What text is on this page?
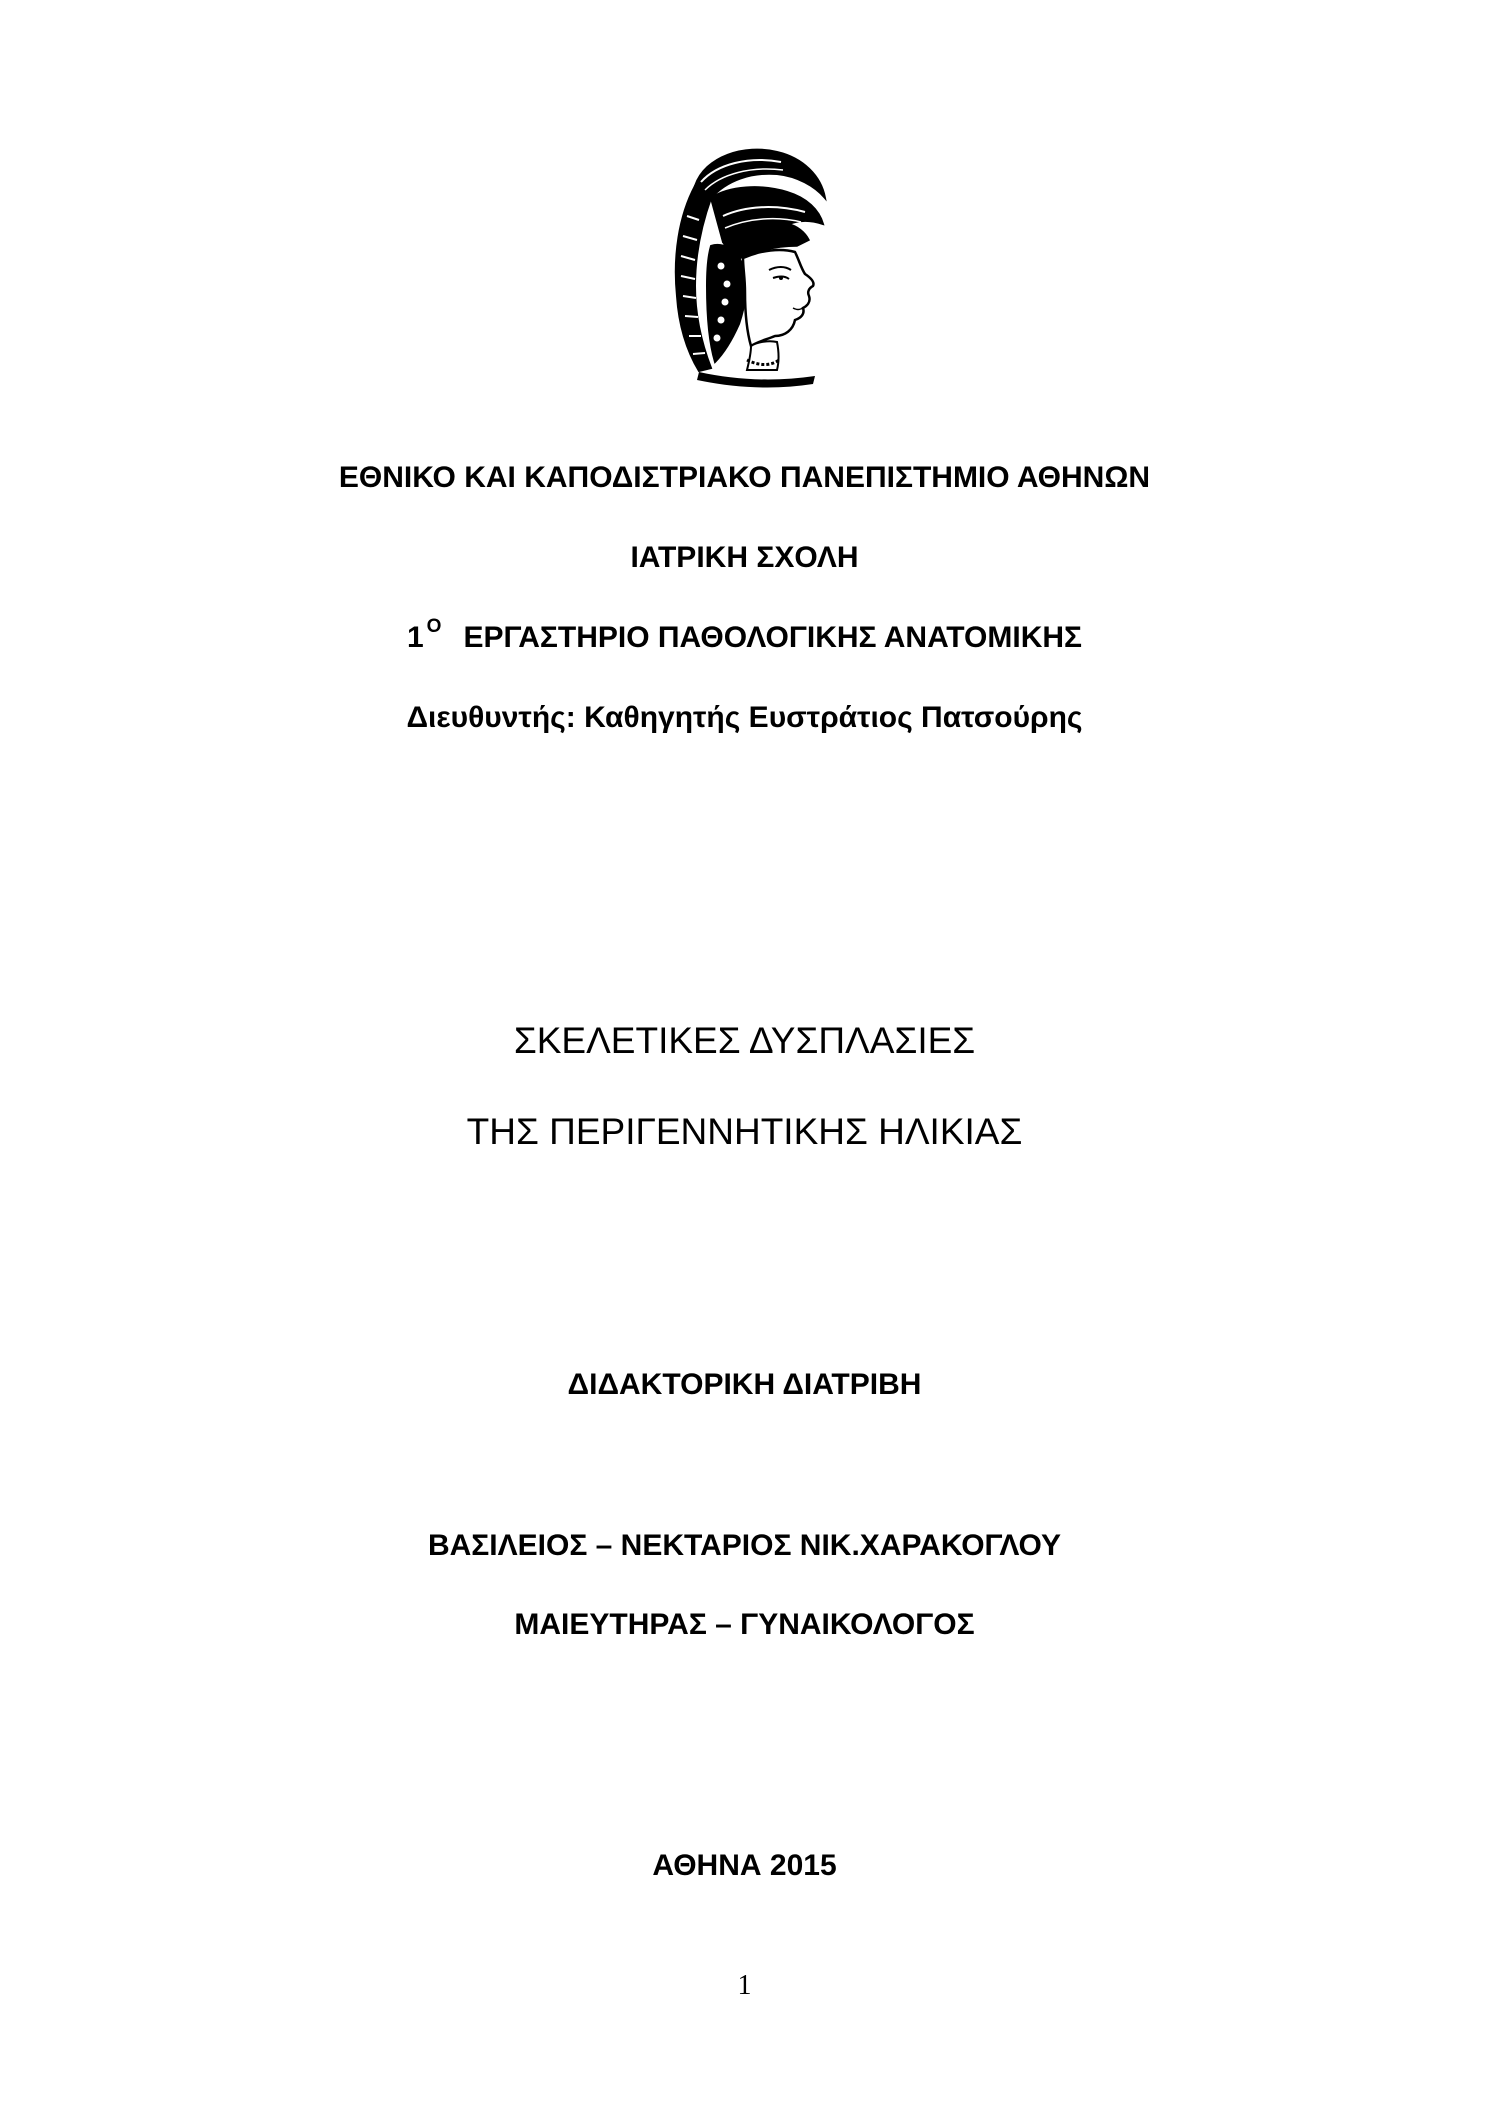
ΕΘΝΙΚΟ ΚΑΙ ΚΑΠΟΔΙΣΤΡΙΑΚΟ ΠΑΝΕΠΙΣΤΗΜΙΟ ΑΘΗΝΩΝ
ΙΑΤΡΙΚΗ ΣΧΟΛΗ
1 $^O$ ΕΡΓΑΣΤΗΡΙΟ ΠΑΘΟΛΟΓΙΚΗΣ ΑΝΑΤΟΜΙΚΗΣ
Διευθυντής: Καθηγητής Ευστράτιος Πατσούρης
ΣΚΕΛΕΤΙΚΕΣ ΔΥΣΠΛΑΣΙΕΣ
ΤΗΣ ΠΕΡΙΓΕΝΝΗΤΙΚΗΣ ΗΛΙΚΙΑΣ
ΔΙΔΑΚΤΟΡΙΚΗ ΔΙΑΤΡΙΒΗ
ΒΑΣΙΛΕΙΟΣ – ΝΕΚΤΑΡΙΟΣ ΝΙΚ.ΧΑΡΑΚΟΓΛΟΥ
ΜΑΙΕΥΤΗΡΑΣ – ΓΥΝΑΙΚΟΛΟΓΟΣ
ΑΘΗΝΑ 2015
1
